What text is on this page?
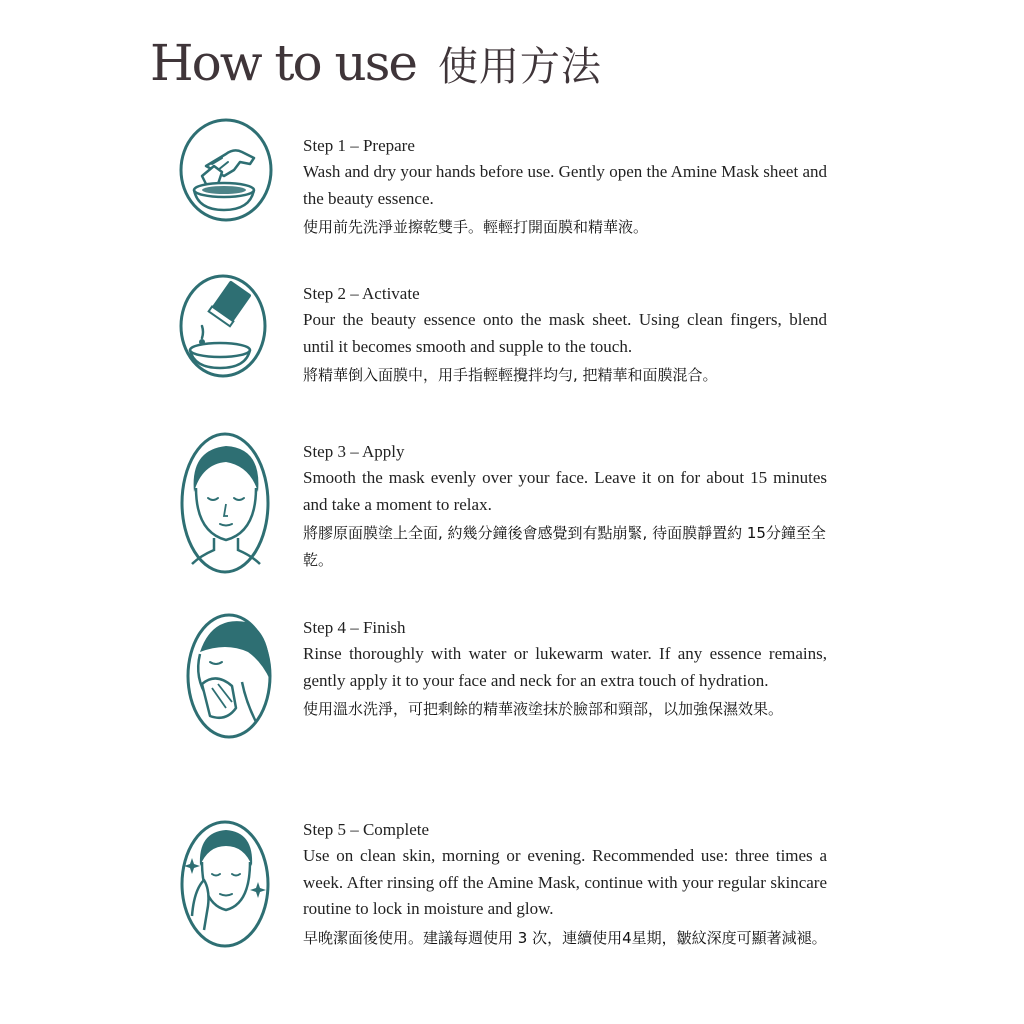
How to use 使用方法
Step 1 – Prepare
Wash and dry your hands before use. Gently open the Amine Mask sheet and the beauty essence.
使用前先洗淨並擦乾雙手。輕輕打開面膜和精華液。
Step 2 – Activate
Pour the beauty essence onto the mask sheet. Using clean fingers, blend until it becomes smooth and supple to the touch.
將精華倒入面膜中，用手指輕輕攪拌均勻, 把精華和面膜混合。
Step 3 – Apply
Smooth the mask evenly over your face. Leave it on for about 15 minutes and take a moment to relax.
將膠原面膜塗上全面, 約幾分鐘後會感覺到有點崩緊, 待面膜靜置約 15分鐘至全乾。
Step 4 – Finish
Rinse thoroughly with water or lukewarm water. If any essence remains, gently apply it to your face and neck for an extra touch of hydration.
使用溫水洗淨，可把剩餘的精華液塗抹於臉部和頸部，以加強保濕效果。
Step 5 – Complete
Use on clean skin, morning or evening. Recommended use: three times a week. After rinsing off the Amine Mask, continue with your regular skincare routine to lock in moisture and glow.
早晚潔面後使用。建議每週使用 3 次，連續使用4星期，皺紋深度可顯著減褪。
